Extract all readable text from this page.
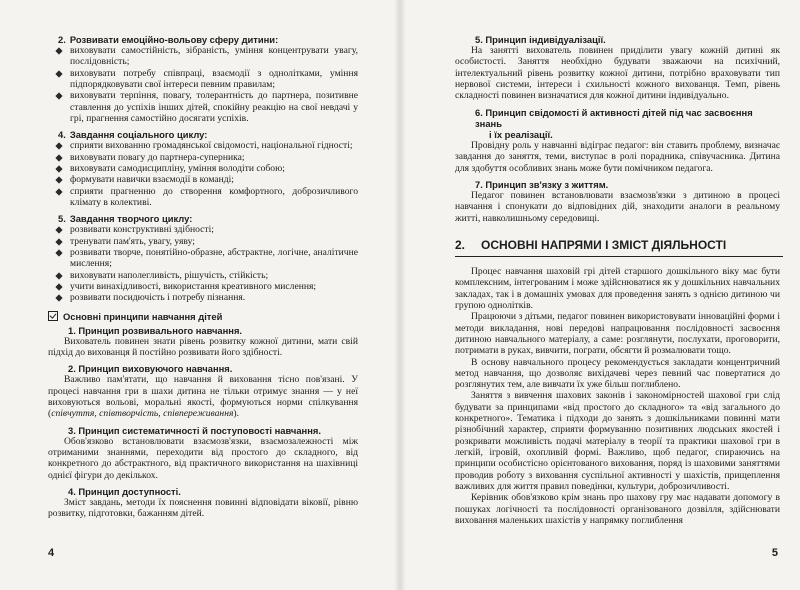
2. Розвивати емоційно-вольову сферу дитини:
виховувати самостійність, зібраність, уміння концентрувати увагу, послідовність;
виховувати потребу співпраці, взаємодії з однолітками, уміння підпорядковувати свої інтереси певним правилам;
виховувати терпіння, повагу, толерантність до партнера, позитивне ставлення до успіхів інших дітей, спокійну реакцію на свої невдачі у грі, прагнення самостійно досягати успіхів.
4. Завдання соціального циклу:
сприяти вихованню громадянської свідомості, національної гідності;
виховувати повагу до партнера-суперника;
виховувати самодисципліну, уміння володіти собою;
формувати навички взаємодії в команді;
сприяти прагненню до створення комфортного, доброзичливого клімату в колективі.
5. Завдання творчого циклу:
розвивати конструктивні здібності;
тренувати пам'ять, увагу, уяву;
розвивати творче, понятійно-образне, абстрактне, логічне, аналітичне мислення;
виховувати наполегливість, рішучість, стійкість;
учити винахідливості, використання креативного мислення;
розвивати посидючість і потребу пізнання.
Основні принципи навчання дітей
1. Принцип розвивального навчання.

Вихователь повинен знати рівень розвитку кожної дитини, мати свій підхід до вихованця й постійно розвивати його здібності.

2. Принцип виховуючого навчання.

Важливо пам'ятати, що навчання й виховання тісно пов'язані. У процесі навчання гри в шахи дитина не тільки отримує знання — у неї виховуються вольові, моральні якості, формуються норми спілкування (співчуття, співтворчість, співпереживання).

3. Принцип систематичності й поступовості навчання.

Обов'язково встановлювати взаємозв'язки, взаємозалежності між отриманими знаннями, переходити від простого до складного, від конкретного до абстрактного, від практичного використання на шахівниці однієї фігури до декількох.

4. Принцип доступності.

Зміст завдань, методи їх пояснення повинні відповідати віковії, рівню розвитку, підготовки, бажанням дітей.

4
5. Принцип індивідуалізації.

На занятті вихователь повинен приділити увагу кожній дитині як особистості. Заняття необхідно будувати зважаючи на психічний, інтелектуальний рівень розвитку кожної дитини, потрібно враховувати тип нервової системи, інтереси і схильності кожного вихованця. Темп, рівень складності повинен визначатися для кожної дитини індивідуально.

6. Принцип свідомості й активності дітей під час засвоєння знань
і їх реалізації.

Провідну роль у навчанні відіграє педагог: він ставить проблему, визначає завдання до заняття, теми, виступає в ролі порадника, співучасника. Дитина для здобуття особливих знань може бути помічником педагога.

7. Принцип зв'язку з життям.

Педагог повинен встановлювати взаємозв'язки з дитиною в процесі навчання і спонукати до відповідних дій, знаходити аналоги в реальному житті, навколишньому середовищі.

2. ОСНОВНІ НАПРЯМИ І ЗМІСТ ДІЯЛЬНОСТІ

Процес навчання шаховій грі дітей старшого дошкільного віку має бути комплексним, інтегрованим і може здійснюватися як у дошкільних навчальних закладах, так і в домашніх умовах для проведення занять з однією дитиною чи групою однолітків.

Працюючи з дітьми, педагог повинен використовувати інноваційні форми і методи викладання, нові передові напрацювання послідовності засвоєння дитиною навчального матеріалу, а саме: розглянути, послухати, проговорити, потримати в руках, вивчити, пограти, обсягти й розмалювати тощо.

В основу навчального процесу рекомендується закладати концентричний метод навчання, що дозволяє вихідачеві через певний час повертатися до розглянутих тем, але вивчати їх уже більш поглиблено.

Заняття з вивчення шахових законів і закономірностей шахової гри слід будувати за принципами «від простого до складного» та «від загального до конкретного». Тематика і підходи до занять з дошкільниками повинні мати різнобічний характер, сприяти формуванню позитивних людських якостей і розкривати можливість подачі матеріалу в теорії та практики шахової гри в легкій, ігровій, охопливій формі. Важливо, щоб педагог, спираючись на принципи особистісно орієнтованого виховання, поряд із шаховими заняттями проводив роботу з виховання суспільної активності у шахістів, прищеплення важливих для життя правил поведінки, культури, доброзичливості.

Керівник обов'язково крім знань про шахову гру має надавати допомогу в пошуках логічності та послідовності організованого дозвілля, здійснювати виховання маленьких шахістів у напрямку поглиблення

5
